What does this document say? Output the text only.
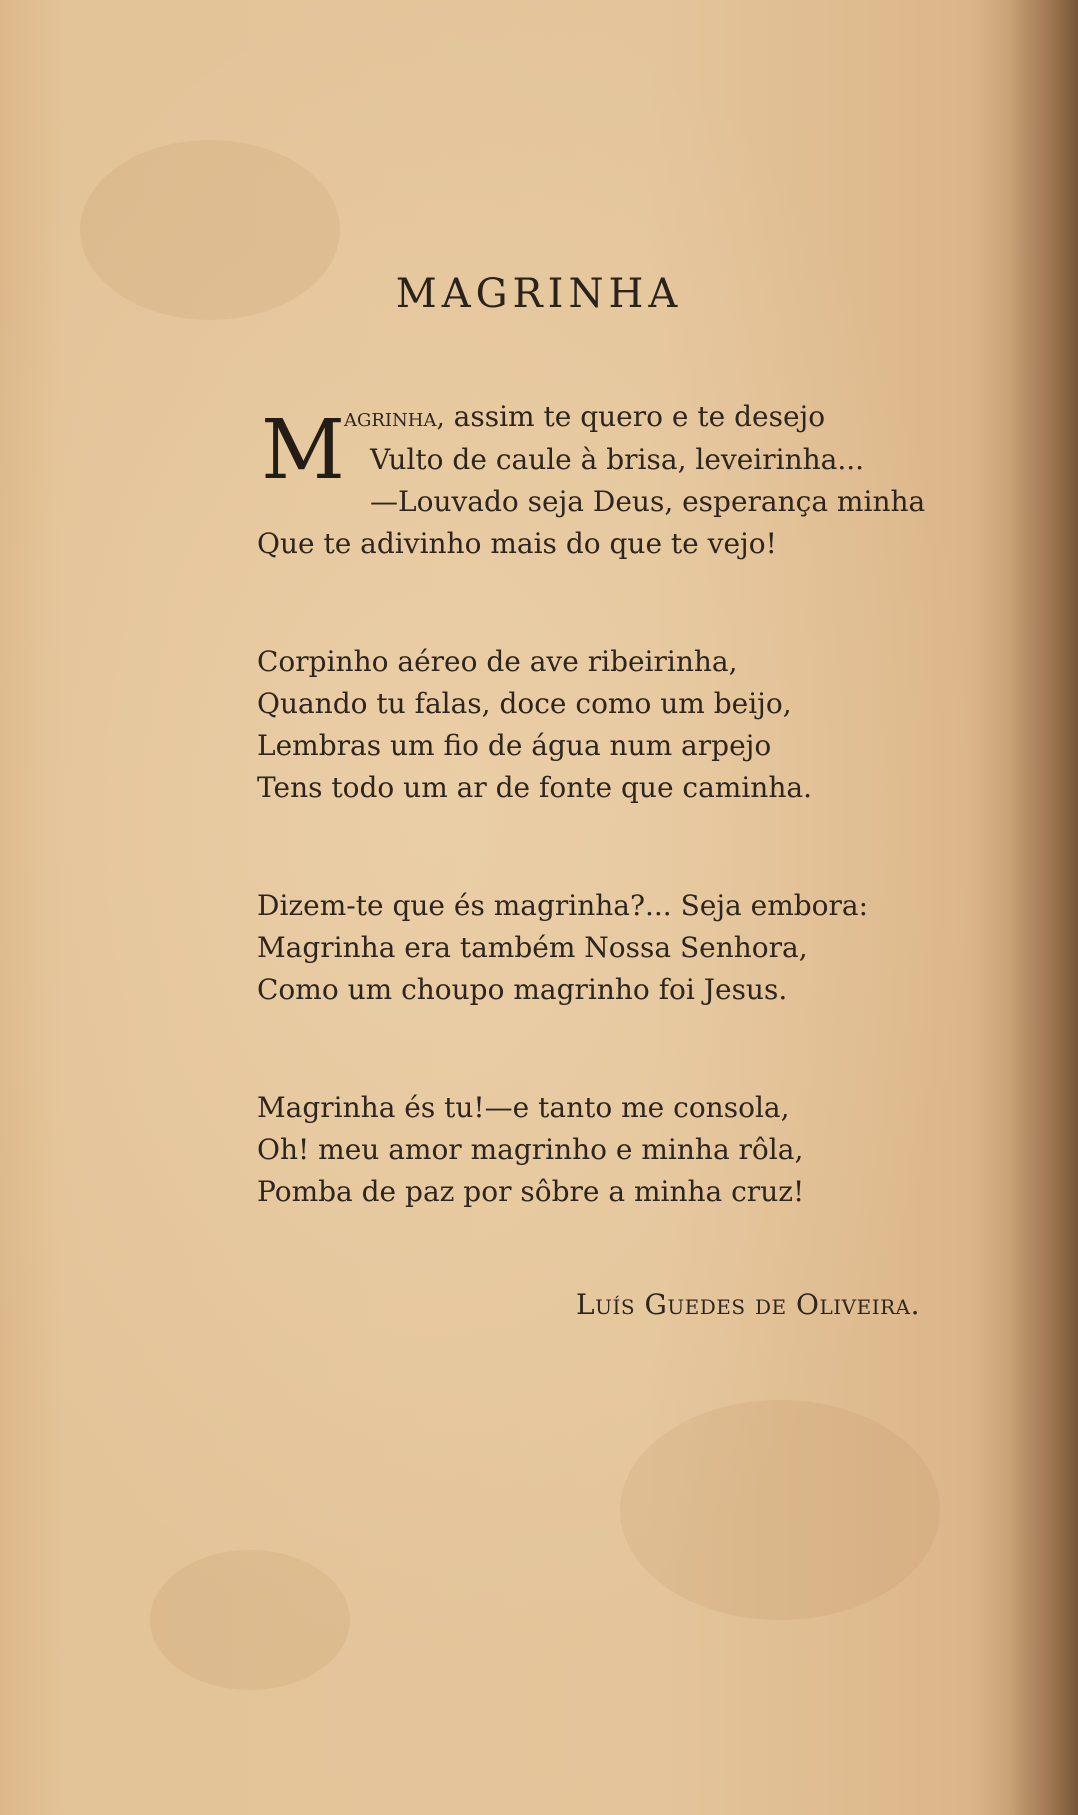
MAGRINHA
M agrinha, assim te quero e te desejo
Vulto de caule à brisa, leveirinha...
—Louvado seja Deus, esperança minha
Que te adivinho mais do que te vejo!
Corpinho aéreo de ave ribeirinha,
Quando tu falas, doce como um beijo,
Lembras um fio de água num arpejo
Tens todo um ar de fonte que caminha.
Dizem-te que és magrinha?... Seja embora:
Magrinha era também Nossa Senhora,
Como um choupo magrinho foi Jesus.
Magrinha és tu!—e tanto me consola,
Oh! meu amor magrinho e minha rôla,
Pomba de paz por sôbre a minha cruz!
Luís Guedes de Oliveira.
